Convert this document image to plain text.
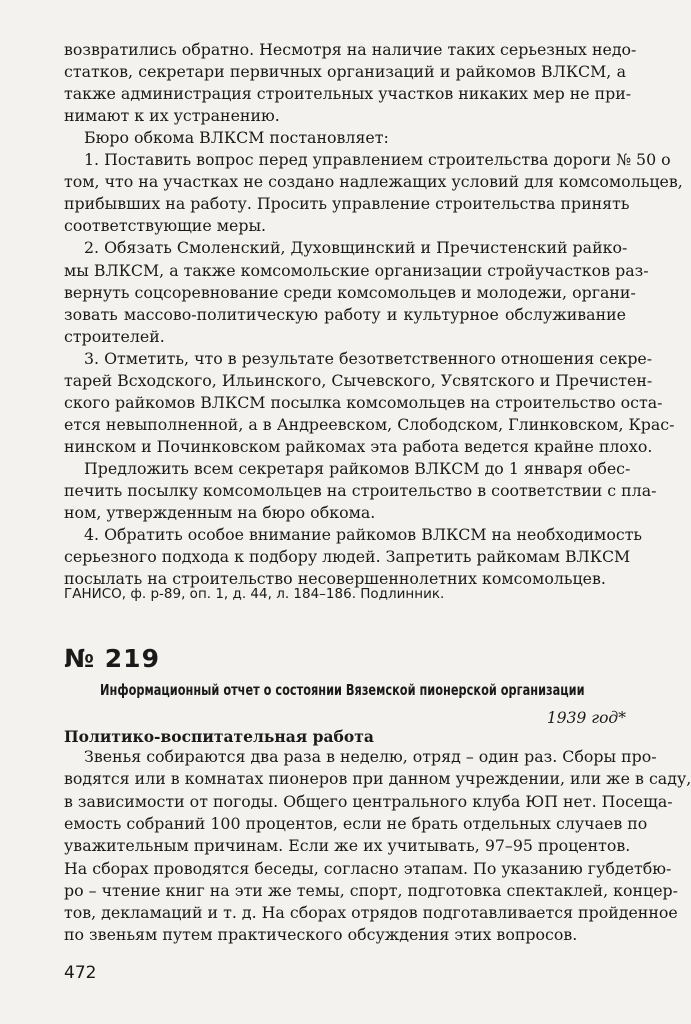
возвратились обратно. Несмотря на наличие таких серьезных недо-
статков, секретари первичных организаций и райкомов ВЛКСМ, а
также администрация строительных участков никаких мер не при-
нимают к их устранению.
Бюро обкома ВЛКСМ постановляет:
1. Поставить вопрос перед управлением строительства дороги № 50 о
том, что на участках не создано надлежащих условий для комсомольцев,
прибывших на работу. Просить управление строительства принять
соответствующие меры.
2. Обязать Смоленский, Духовщинский и Пречистенский райко-
мы ВЛКСМ, а также комсомольские организации стройучастков раз-
вернуть соцсоревнование среди комсомольцев и молодежи, органи-
зовать массово-политическую работу и культурное обслуживание
строителей.
3. Отметить, что в результате безответственного отношения секре-
тарей Всходского, Ильинского, Сычевского, Усвятского и Пречистен-
ского райкомов ВЛКСМ посылка комсомольцев на строительство оста-
ется невыполненной, а в Андреевском, Слободском, Глинковском, Крас-
нинском и Починковском райкомах эта работа ведется крайне плохо.
Предложить всем секретаря райкомов ВЛКСМ до 1 января обес-
печить посылку комсомольцев на строительство в соответствии с пла-
ном, утвержденным на бюро обкома.
4. Обратить особое внимание райкомов ВЛКСМ на необходимость
серьезного подхода к подбору людей. Запретить райкомам ВЛКСМ
посылать на строительство несовершеннолетних комсомольцев.
ГАНИСО, ф. р-89, оп. 1, д. 44, л. 184–186. Подлинник.
№ 219
Информационный отчет о состоянии Вяземской пионерской организации
1939 год*
Политико-воспитательная работа
Звенья собираются два раза в неделю, отряд – один раз. Сборы про-
водятся или в комнатах пионеров при данном учреждении, или же в саду,
в зависимости от погоды. Общего центрального клуба ЮП нет. Посеща-
емость собраний 100 процентов, если не брать отдельных случаев по
уважительным причинам. Если же их учитывать, 97–95 процентов.
На сборах проводятся беседы, согласно этапам. По указанию губдетбю-
ро – чтение книг на эти же темы, спорт, подготовка спектаклей, концер-
тов, декламаций и т. д. На сборах отрядов подготавливается пройденное
по звеньям путем практического обсуждения этих вопросов.
472
